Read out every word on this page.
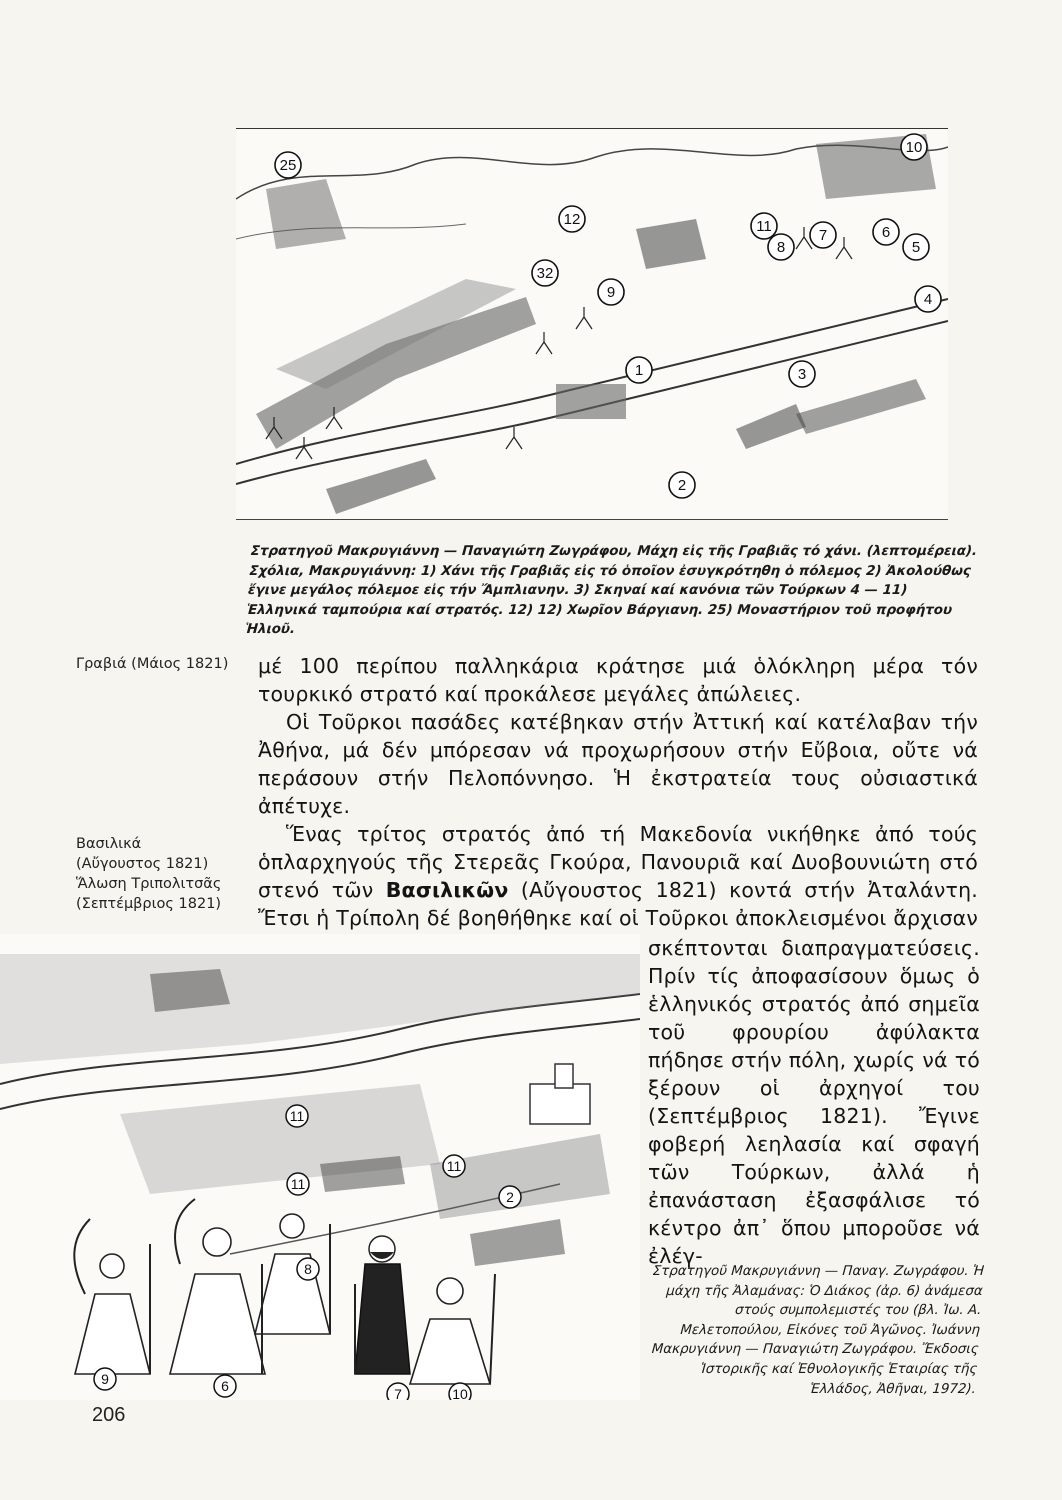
25
10
12	11
8
7	6
5
4
32
9
1	3
2
Στρατηγοῦ Μακρυγιάννη — Παναγιώτη Ζωγράφου, Μάχη εἰς τῆς Γραβιᾶς τό χάνι. (λεπτομέρεια). Σχόλια, Μακρυγιάννη: 1) Χάνι τῆς Γραβιᾶς εἰς τό ὁποῖον ἐσυγκρότηθη ὁ πόλεμος 2) Ἀκολούθως ἔγινε μεγάλος πόλεμοε εἰς τήν Ἄμπλιανην. 3) Σκηναί καί κανόνια τῶν Τούρκων 4 — 11) Ἑλληνικά ταμπούρια καί στρατός. 12) 12) Χωρῖον Βάργιανη. 25) Μοναστήριον τοῦ προφήτου Ἡλιοῦ.
Γραβιά (Μάιος 1821)
Βασιλικά
(Αὔγουστος 1821)
Ἅλωση Τριπολιτσᾶς
(Σεπτέμβριος 1821)

μέ 100 περίπου παλληκάρια κράτησε μιά ὁλόκληρη μέρα τόν τουρκικό στρατό καί προκάλεσε μεγάλες ἀπώλειες.

Οἱ Τοῦρκοι πασάδες κατέβηκαν στήν Ἀττική καί κατέλαβαν τήν Ἀθήνα, μά δέν μπόρεσαν νά προχωρήσουν στήν Εὔβοια, οὔτε νά περάσουν στήν Πελοπόννησο. Ἡ ἐκστρατεία τους οὐσιαστικά ἀπέτυχε.

Ἕνας τρίτος στρατός ἀπό τή Μακεδονία νικήθηκε ἀπό τούς ὁπλαρχηγούς τῆς Στερεᾶς Γκούρα, Πανουριᾶ καί Δυοβουνιώτη στό στενό τῶν Βασιλικῶν (Αὔγουστος 1821) κοντά στήν Ἀταλάντη. Ἔτσι ἡ Τρίπολη δέ βοηθήθηκε καί οἱ Τοῦρκοι ἀποκλεισμένοι ἄρχισαν

σκέπτονται διαπραγματεύσεις. Πρίν τίς ἀποφασίσουν ὅμως ὁ ἑλληνικός στρατός ἀπό σημεῖα τοῦ φρουρίου ἀφύλακτα πήδησε στήν πόλη, χωρίς νά τό ξέρουν οἱ ἀρχηγοί του (Σεπτέμβριος 1821). Ἔγινε φοβερή λεηλασία καί σφαγή τῶν Τούρκων, ἀλλά ἡ ἐπανάσταση ἐξασφάλισε τό κέντρο ἀπ᾽ ὅπου μποροῦσε νά ἐλέγ-

11
11
11
2
9
8
6	7	10
Στρατηγοῦ Μακρυγιάννη — Παναγ. Ζωγράφου. Ἡ μάχη τῆς Ἀλαμάνας: Ὁ Διάκος (ἀρ. 6) ἀνάμεσα στούς συμπολεμιστές του (βλ. Ἰω. Α. Μελετοπούλου, Εἰκόνες τοῦ Ἀγῶνος. Ἰωάννη Μακρυγιάννη — Παναγιώτη Ζωγράφου. Ἔκδοσις Ἱστορικῆς καί Ἐθνολογικῆς Ἑταιρίας τῆς Ἑλλάδος, Ἀθῆναι, 1972).
206
